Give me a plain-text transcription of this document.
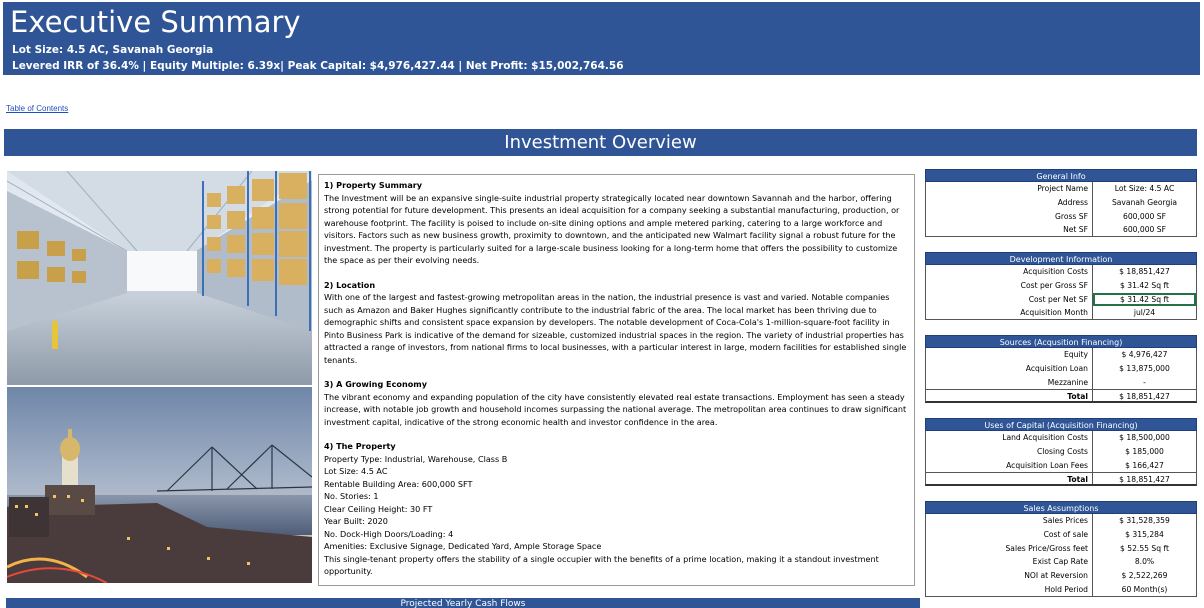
Executive Summary
Lot Size: 4.5 AC, Savanah Georgia
Levered IRR of 36.4% | Equity Multiple: 6.39x| Peak Capital: $4,976,427.44 | Net Profit: $15,002,764.56
Table of Contents
Investment Overview
1) Property Summary

The Investment will be an expansive single-suite industrial property strategically located near downtown Savannah and the harbor, offering strong potential for future development. This presents an ideal acquisition for a company seeking a substantial manufacturing, production, or warehouse footprint. The facility is poised to include on-site dining options and ample metered parking, catering to a large workforce and visitors. Factors such as new business growth, proximity to downtown, and the anticipated new Walmart facility signal a robust future for the investment. The property is particularly suited for a large-scale business looking for a long-term home that offers the possibility to customize the space as per their evolving needs.

2) Location

With one of the largest and fastest-growing metropolitan areas in the nation, the industrial presence is vast and varied. Notable companies such as Amazon and Baker Hughes significantly contribute to the industrial fabric of the area. The local market has been thriving due to demographic shifts and consistent space expansion by developers. The notable development of Coca-Cola's 1-million-square-foot facility in Pinto Business Park is indicative of the demand for sizeable, customized industrial spaces in the region. The variety of industrial properties has attracted a range of investors, from national firms to local businesses, with a particular interest in large, modern facilities for established single tenants.

3) A Growing Economy

The vibrant economy and expanding population of the city have consistently elevated real estate transactions. Employment has seen a steady increase, with notable job growth and household incomes surpassing the national average. The metropolitan area continues to draw significant investment capital, indicative of the strong economic health and investor confidence in the area.

4) The Property
Property Type: Industrial, Warehouse, Class B
Lot Size: 4.5 AC
Rentable Building Area: 600,000 SFT
No. Stories: 1
Clear Ceiling Height: 30 FT
Year Built: 2020
No. Dock-High Doors/Loading: 4
Amenities: Exclusive Signage, Dedicated Yard, Ample Storage Space
This single-tenant property offers the stability of a single occupier with the benefits of a prime location, making it a standout investment opportunity.
General Info
Project Name	Lot Size: 4.5 AC
Address	Savanah Georgia
Gross SF	600,000 SF
Net SF	600,000 SF
Development Information
Acquisition Costs	$ 18,851,427
Cost per Gross SF	$ 31.42 Sq ft
Cost per Net SF	$ 31.42 Sq ft
Acquisition Month	jul/24
Sources (Acqusition Financing)
Equity	$ 4,976,427
Acquisition Loan	$ 13,875,000
Mezzanine	-
Total	$ 18,851,427
Uses of Capital (Acquisition Financing)
Land Acquisition Costs	$ 18,500,000
Closing Costs	$ 185,000
Acquisition Loan Fees	$ 166,427
Total	$ 18,851,427
Sales Assumptions
Sales Prices	$ 31,528,359
Cost of sale	$ 315,284
Sales Price/Gross feet	$ 52.55 Sq ft
Exist Cap Rate	8.0%
NOI at Reversion	$ 2,522,269
Hold Period	60 Month(s)
Projected Yearly Cash Flows
